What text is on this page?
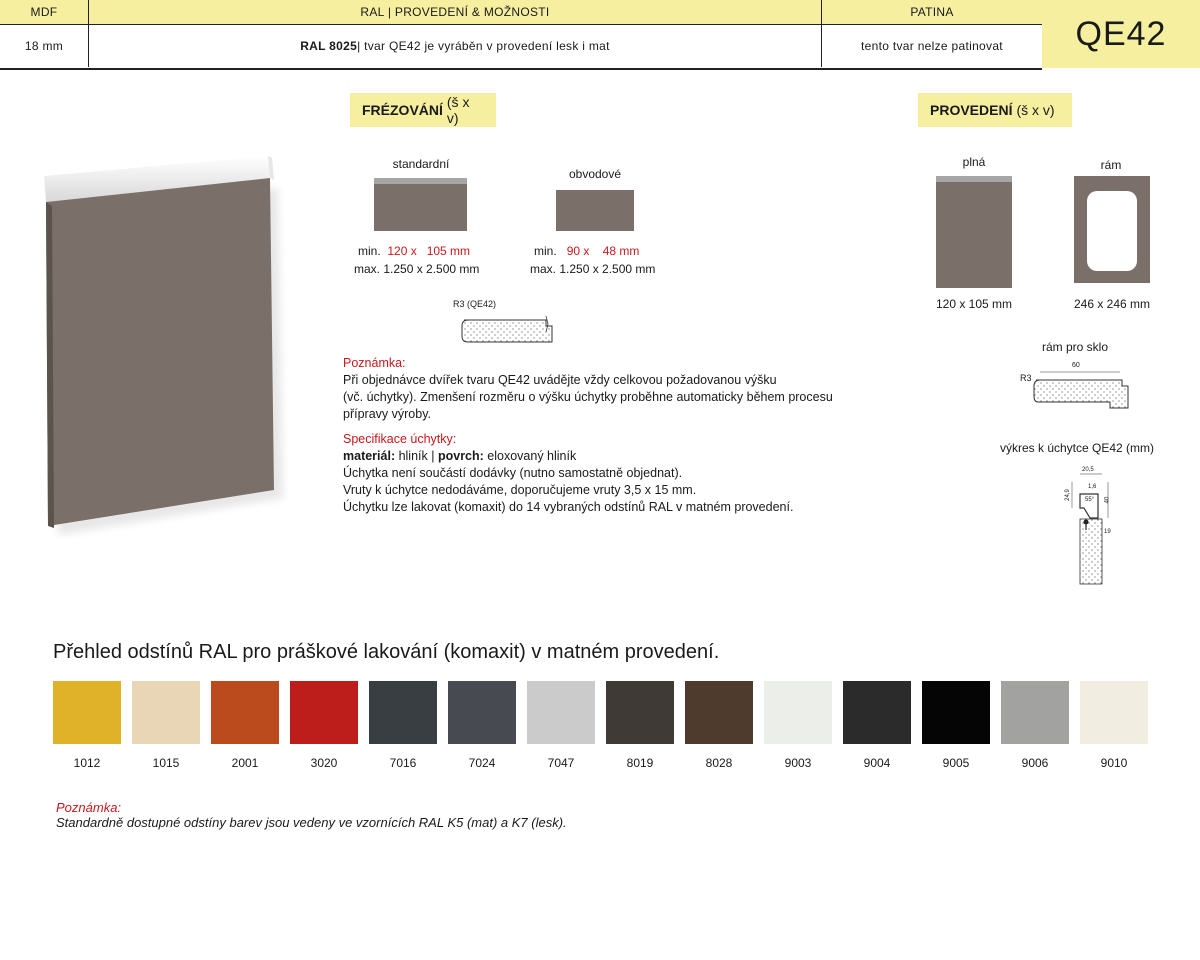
MDF	RAL | PROVEDENÍ & MOŽNOSTI	PATINA
18 mm	RAL 8025 | tvar QE42 je vyráběn v provedení lesk i mat	tento tvar nelze patinovat	QE42
FRÉZOVÁNÍ (š x v)
standardní
obvodové
min. 120 x   105 mm
max. 1.250 x 2.500 mm
min. 90 x    48 mm
max. 1.250 x 2.500 mm
R3 (QE42)
Poznámka:
Při objednávce dvířek tvaru QE42 uvádějte vždy celkovou požadovanou výšku
(vč. úchytky). Zmenšení rozměru o výšku úchytky proběhne automaticky během procesu
přípravy výroby.
Specifikace úchytky:
materiál: hliník | povrch: eloxovaný hliník
Úchytka není součástí dodávky (nutno samostatně objednat).
Vruty k úchytce nedodáváme, doporučujeme vruty 3,5 x 15 mm.
Úchytku lze lakovat (komaxit) do 14 vybraných odstínů RAL v matném provedení.
PROVEDENÍ (š x v)
plná	rám
120 x 105 mm	246 x 246 mm
rám pro sklo
R3
60
výkres k úchytce QE42 (mm)
20,5
1,6
24,9 55° 40
19
Přehled odstínů RAL pro práškové lakování (komaxit) v matném provedení.
1012	1015	2001	3020	7016	7024	7047	8019	8028	9003	9004	9005	9006	9010
Poznámka:
Standardně dostupné odstíny barev jsou vedeny ve vzornících RAL K5 (mat) a K7 (lesk).
